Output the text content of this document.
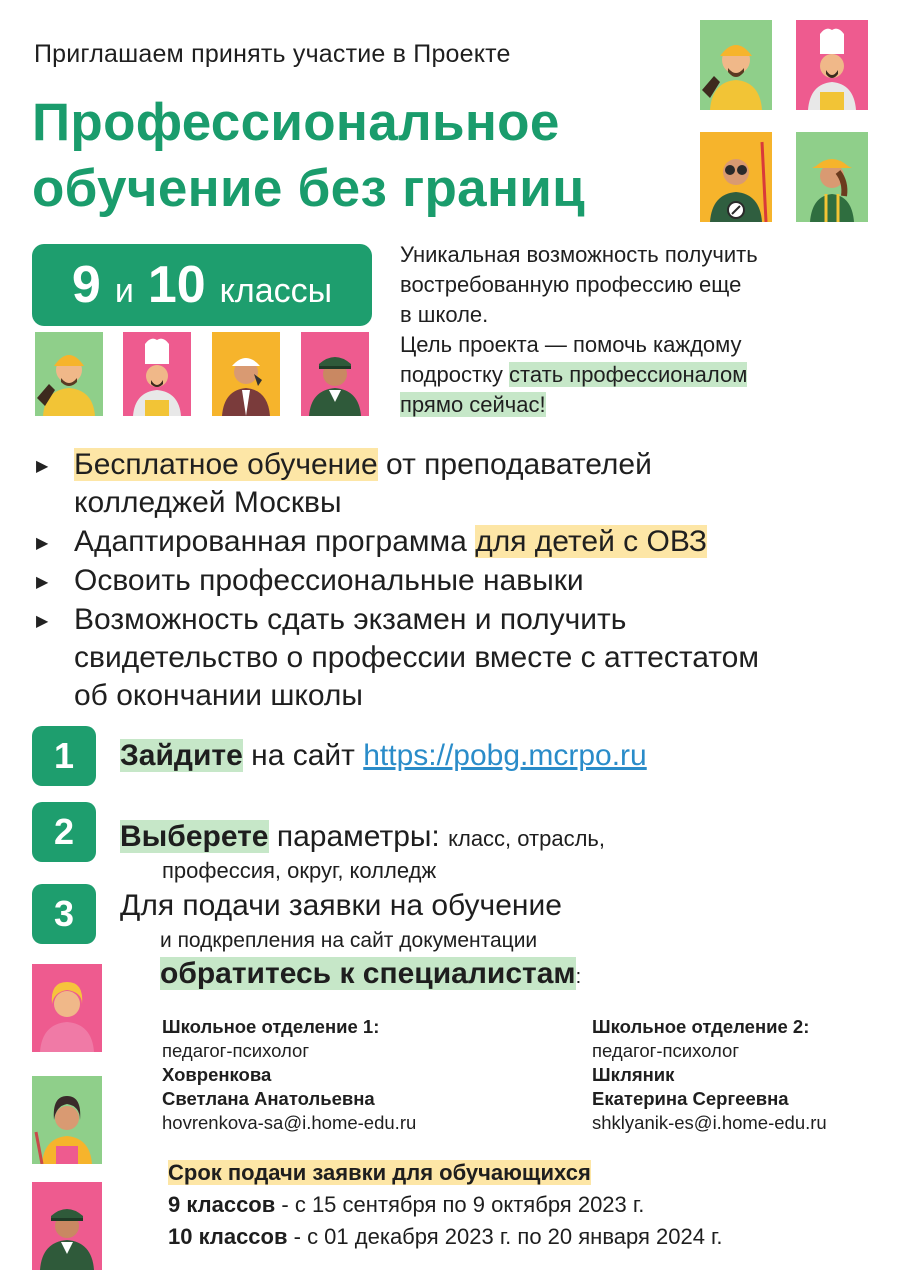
Приглашаем принять участие в Проекте
Профессиональное
обучение без границ
9 и 10 классы
Уникальная возможность получить
востребованную профессию еще
в школе.
Цель проекта — помочь каждому
подростку стать профессионалом
прямо сейчас!
▶ Бесплатное обучение от преподавателей
колледжей Москвы
▶ Адаптированная программа для детей с ОВЗ
▶ Освоить профессиональные навыки
▶ Возможность сдать экзамен и получить
свидетельство о профессии вместе с аттестатом
об окончании школы
1	Зайдите на сайт https://pobg.mcrpo.ru
2	Выберете параметры: класс, отрасль,
профессия, округ, колледж
3	Для подачи заявки на обучение
и подкрепления на сайт документации
обратитесь к специалистам:
Школьное отделение 1:
педагог-психолог
Ховренкова
Светлана Анатольевна
hovrenkova-sa@i.home-edu.ru
Школьное отделение 2:
педагог-психолог
Шкляник
Екатерина Сергеевна
shklyanik-es@i.home-edu.ru
Срок подачи заявки для обучающихся
9 классов - с 15 сентября по 9 октября 2023 г.
10 классов - с 01 декабря 2023 г. по 20 января 2024 г.
